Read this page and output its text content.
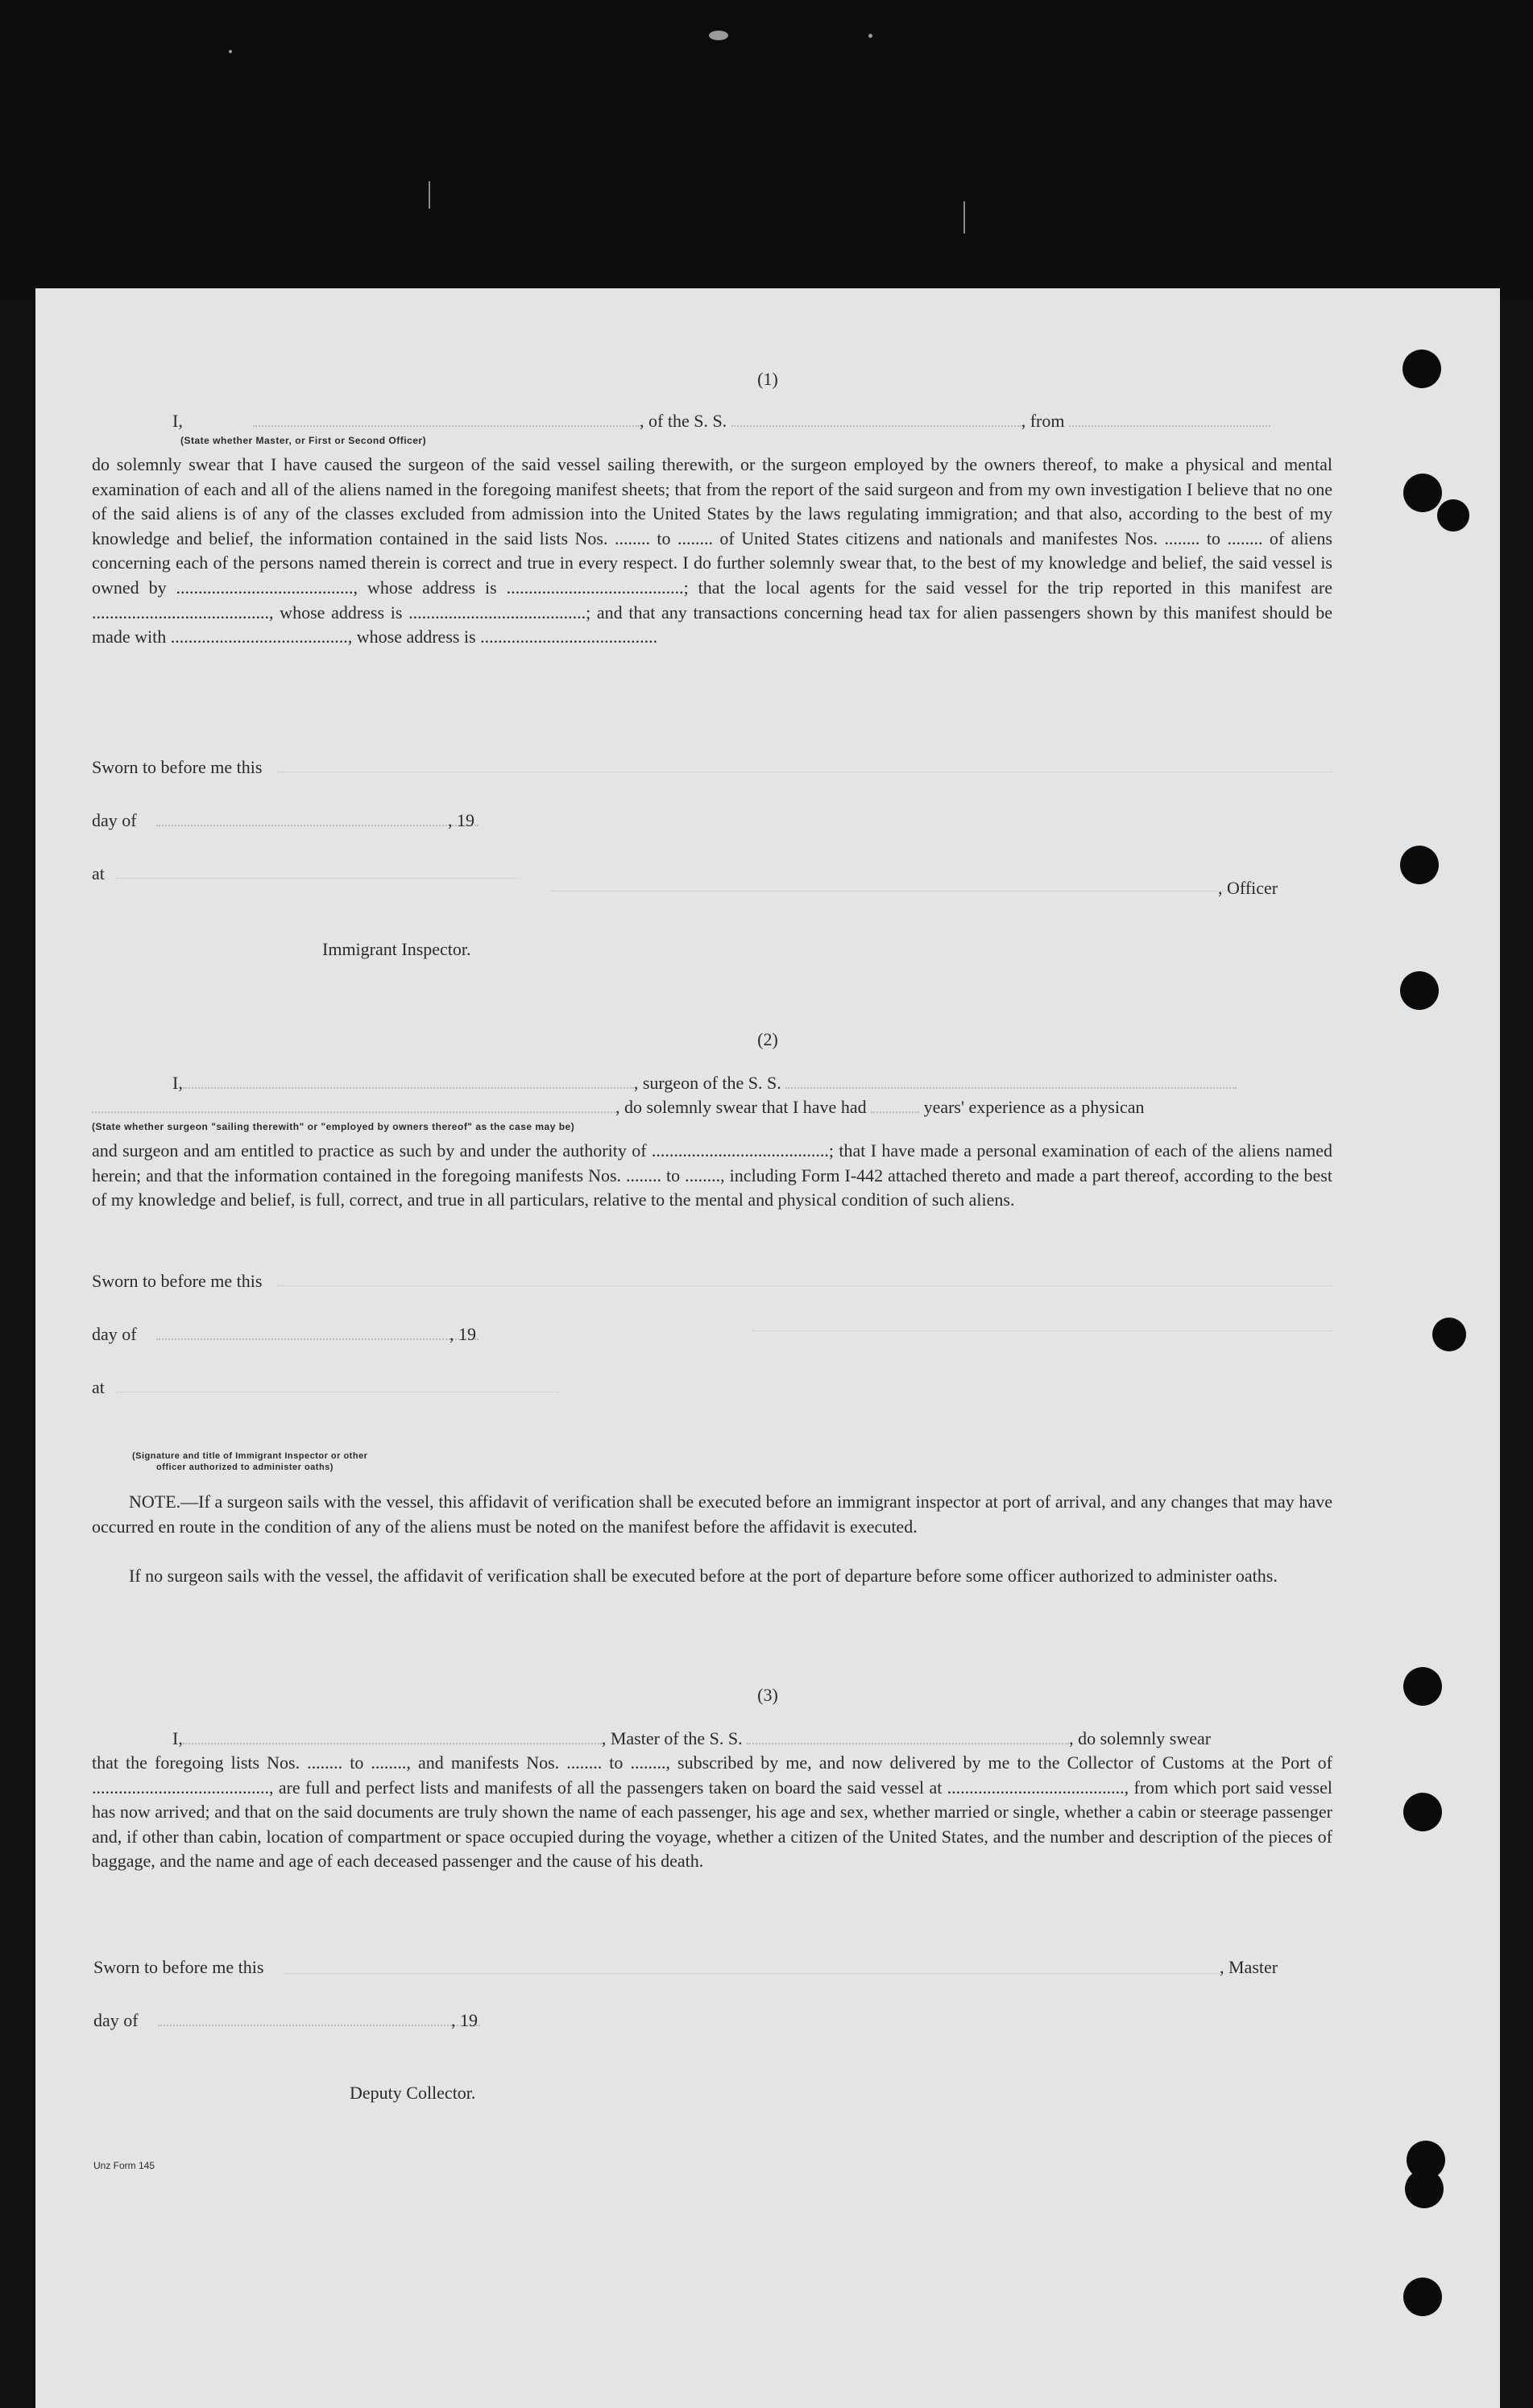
(1)
I,	, of the S. S.	, from
(State whether Master, or First or Second Officer)
do solemnly swear that I have caused the surgeon of the said vessel sailing therewith, or the surgeon employed by the owners thereof, to make a physical and mental examination of each and all of the aliens named in the foregoing manifest sheets; that from the report of the said surgeon and from my own investigation I believe that no one of the said aliens is of any of the classes excluded from admission into the United States by the laws regulating immigration; and that also, according to the best of my knowledge and belief, the information contained in the said lists Nos. ........ to ........ of United States citizens and nationals and manifestes Nos. ........ to ........ of aliens concerning each of the persons named therein is correct and true in every respect. I do further solemnly swear that, to the best of my knowledge and belief, the said vessel is owned by ........................................, whose address is ........................................; that the local agents for the said vessel for the trip reported in this manifest are ........................................, whose address is ........................................; and that any transactions concerning head tax for alien passengers shown by this manifest should be made with ........................................, whose address is ........................................
Sworn to before me this
day of	, 19
at
, Officer
Immigrant Inspector.
(2)
I,	, surgeon of the S. S.
, do solemnly swear that I have had	years' experience as a physican
(State whether surgeon "sailing therewith" or "employed by owners thereof" as the case may be)
and surgeon and am entitled to practice as such by and under the authority of ........................................; that I have made a personal examination of each of the aliens named herein; and that the information contained in the foregoing manifests Nos. ........ to ........, including Form I-442 attached thereto and made a part thereof, according to the best of my knowledge and belief, is full, correct, and true in all particulars, relative to the mental and physical condition of such aliens.
Sworn to before me this
day of	, 19
at
(Signature and title of Immigrant Inspector or other
officer authorized to administer oaths)
NOTE.—If a surgeon sails with the vessel, this affidavit of verification shall be executed before an immigrant inspector at port of arrival, and any changes that may have occurred en route in the condition of any of the aliens must be noted on the manifest before the affidavit is executed.
If no surgeon sails with the vessel, the affidavit of verification shall be executed before at the port of departure before some officer authorized to administer oaths.
(3)
I,	, Master of the S. S.	, do solemnly swear
that the foregoing lists Nos. ........ to ........, and manifests Nos. ........ to ........, subscribed by me, and now delivered by me to the Collector of Customs at the Port of ........................................, are full and perfect lists and manifests of all the passengers taken on board the said vessel at ........................................, from which port said vessel has now arrived; and that on the said documents are truly shown the name of each passenger, his age and sex, whether married or single, whether a cabin or steerage passenger and, if other than cabin, location of compartment or space occupied during the voyage, whether a citizen of the United States, and the number and description of the pieces of baggage, and the name and age of each deceased passenger and the cause of his death.
Sworn to before me this	, Master
day of	, 19
Deputy Collector.
Unz Form 145
